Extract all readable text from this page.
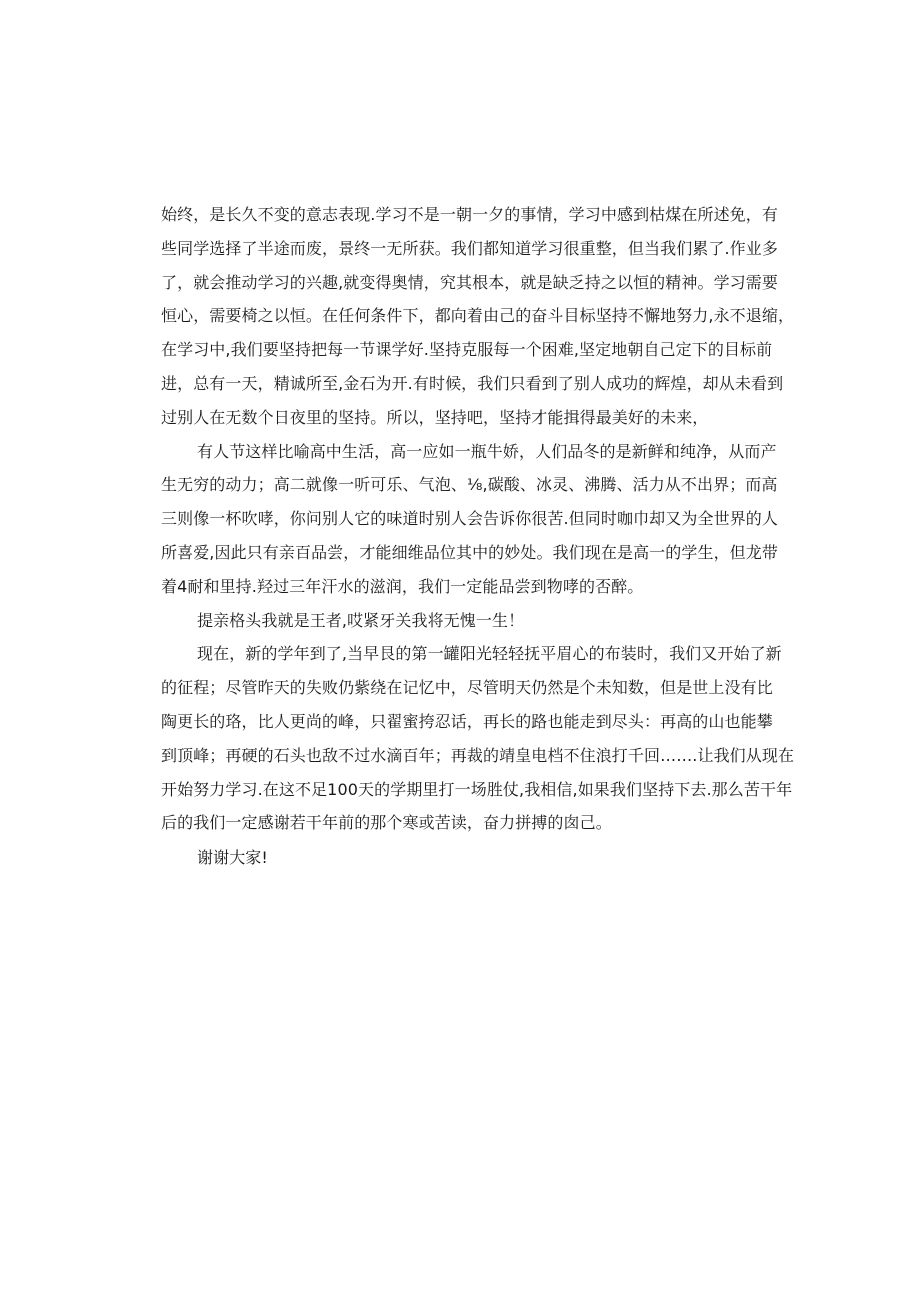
始终，是长久不变的意志表现.学习不是一朝一夕的事情，学习中感到枯煤在所述免，有
些同学选择了半途而废，景终一无所获。我们都知道学习很重整，但当我们累了.作业多
了，就会推动学习的兴趣,就变得奥情，究其根本，就是缺乏持之以恒的精神。学习需要
恒心，需要椅之以恒。在任何条件下，都向着由己的奋斗目标坚持不懈地努力,永不退缩，
在学习中,我们要坚持把每一节课学好.坚持克服每一个困难,坚定地朝自己定下的目标前
进，总有一天，精诚所至,金石为开.有时候，我们只看到了别人成功的辉煌，却从未看到
过别人在无数个日夜里的坚持。所以，坚持吧，坚持才能揖得最美好的未来，
有人节这样比喻高中生活，高一应如一瓶牛娇，人们品冬的是新鲜和纯净，从而产
生无穷的动力；高二就像一听可乐、气泡、⅛,碳酸、冰灵、沸腾、活力从不出界；而高
三则像一杯吹哮，你问别人它的味道时别人会告诉你很苦.但同时咖巾却又为全世界的人
所喜爱,因此只有亲百品尝，才能细维品位其中的妙处。我们现在是高一的学生，但龙带
着4耐和里持.羟过三年汗水的滋润，我们一定能品尝到物哮的否醉。
提亲格头我就是王者,哎紧牙关我将无愧一生！
现在，新的学年到了,当早艮的第一罐阳光轻轻抚平眉心的布装时，我们又开始了新
的征程；尽管昨天的失败仍紫绕在记忆中，尽管明天仍然是个未知数，但是世上没有比
陶更长的珞，比人更尚的峰，只翟蜜挎忍话，再长的路也能走到尽头：再高的山也能攀
到顶峰；再硬的石头也敌不过水滴百年；再裁的靖皇电档不住浪打千回…….让我们从现在
开始努力学习.在这不足100天的学期里打一场胜仗,我相信,如果我们坚持下去.那么苦干年
后的我们一定感谢若干年前的那个寒或苦读，奋力拼搏的囱己。
谢谢大家!
